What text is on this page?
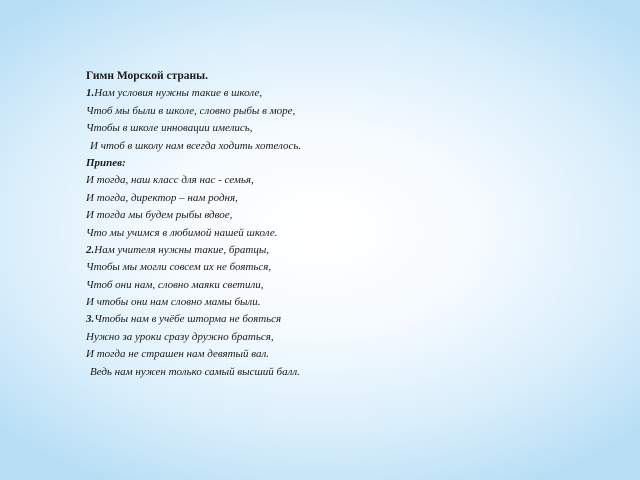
Гимн Морской страны.
1.Нам условия нужны такие в школе,
Чтоб мы были в школе, словно рыбы в море,
Чтобы в школе инновации имелись,
И чтоб в школу нам всегда ходить хотелось.
Припев:
И тогда, наш класс для нас - семья,
И тогда, директор – нам родня,
И тогда мы будем рыбы вдвое,
Что мы учимся в любимой нашей школе.
2.Нам учителя нужны такие, братцы,
Чтобы мы могли совсем их не бояться,
Чтоб они нам, словно маяки светили,
И чтобы они нам словно мамы были.
3.Чтобы нам в учёбе шторма не бояться
Нужно за уроки сразу дружно браться,
И тогда не страшен нам девятый вал.
Ведь нам нужен только самый высший балл.
